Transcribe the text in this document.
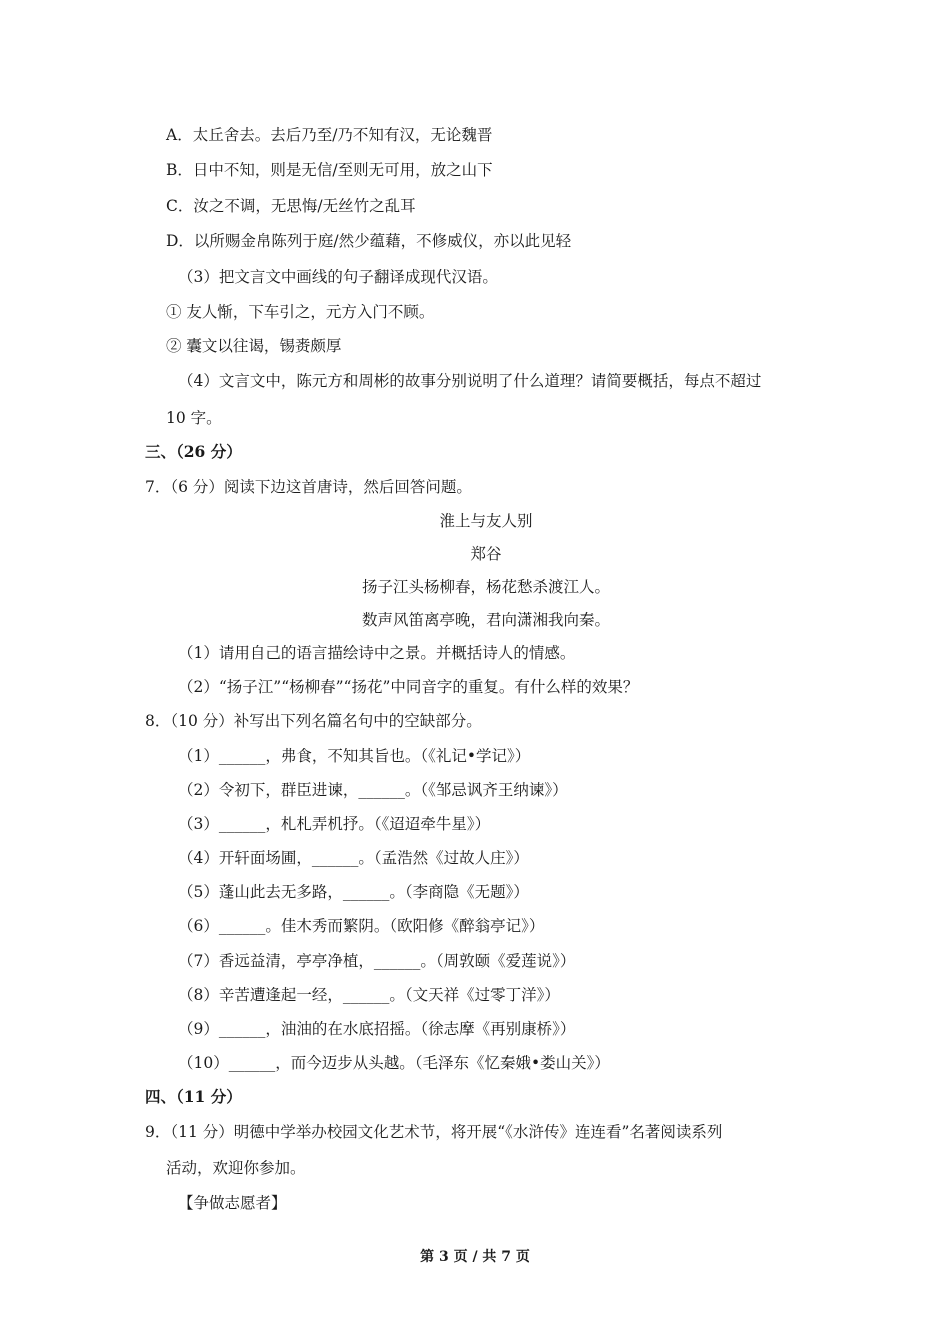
A．太丘舍去。去后乃至/乃不知有汉，无论魏晋
B．日中不知，则是无信/至则无可用，放之山下
C．汝之不调，无思悔/无丝竹之乱耳
D．以所赐金帛陈列于庭/然少蕴藉，不修威仪，亦以此见轻
（3）把文言文中画线的句子翻译成现代汉语。
① 友人惭，下车引之，元方入门不顾。
② 囊文以往谒，锡赉颇厚
（4）文言文中，陈元方和周彬的故事分别说明了什么道理？请简要概括，每点不超过
10 字。
三、（26 分）
7．（6 分）阅读下边这首唐诗，然后回答问题。
淮上与友人别
郑谷
扬子江头杨柳春，杨花愁杀渡江人。
数声风笛离亭晚，君向潇湘我向秦。
（1）请用自己的语言描绘诗中之景。并概括诗人的情感。
（2）“扬子江”“杨柳春”“扬花”中同音字的重复。有什么样的效果？
8．（10 分）补写出下列名篇名句中的空缺部分。
（1）______，弗食，不知其旨也。（《礼记•学记》）
（2）令初下，群臣进谏，______。（《邹忌讽齐王纳谏》）
（3）______，札札弄机抒。（《迢迢牵牛星》）
（4）开轩面场圃，______。（孟浩然《过故人庄》）
（5）蓬山此去无多路，______。（李商隐《无题》）
（6）______。佳木秀而繁阴。（欧阳修《醉翁亭记》）
（7）香远益清，亭亭净植，______。（周敦颐《爱莲说》）
（8）辛苦遭逢起一经，______。（文天祥《过零丁洋》）
（9）______，油油的在水底招摇。（徐志摩《再别康桥》）
（10）______，而今迈步从头越。（毛泽东《忆秦娥•娄山关》）
四、（11 分）
9．（11 分）明德中学举办校园文化艺术节，将开展“《水浒传》连连看”名著阅读系列
活动，欢迎你参加。
【争做志愿者】
第 3 页 / 共 7 页
